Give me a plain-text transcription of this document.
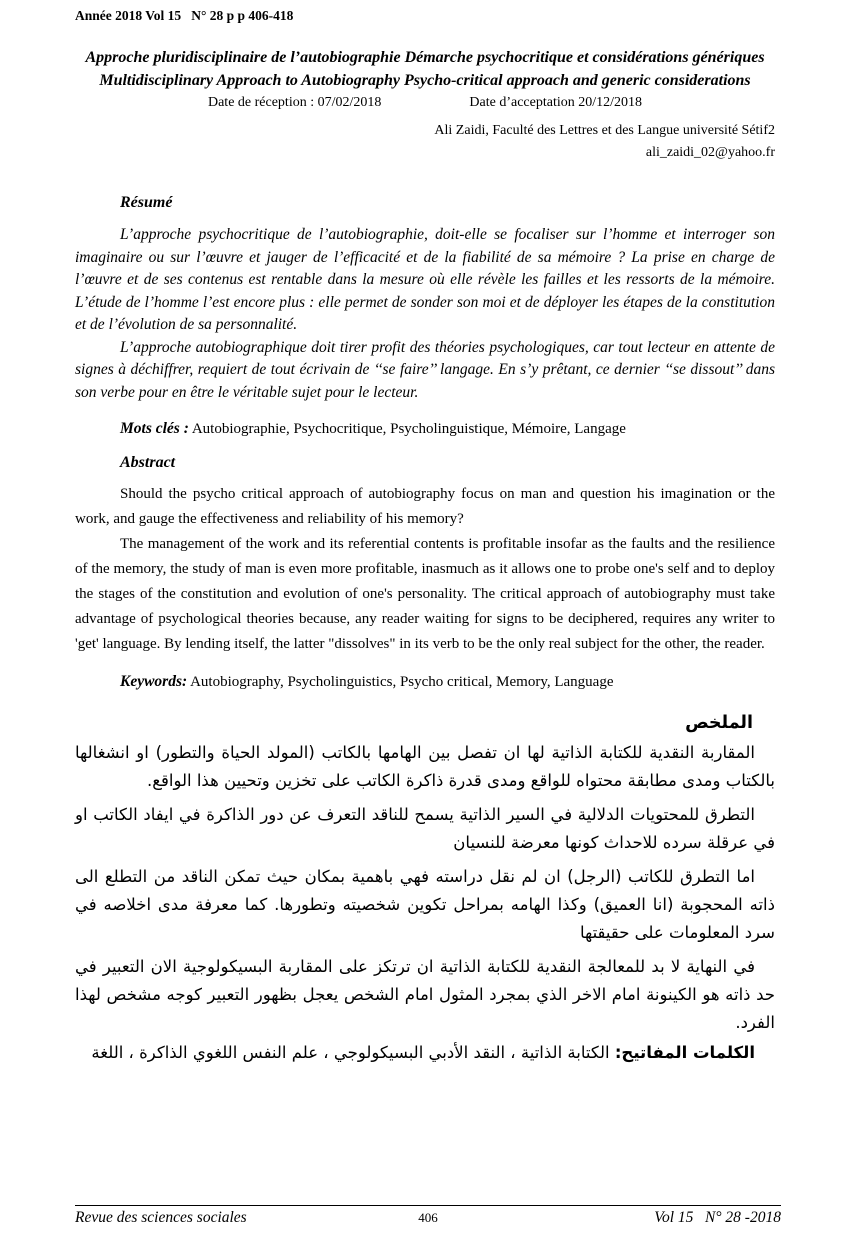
Année 2018 Vol 15   N° 28 p p 406-418
Approche pluridisciplinaire de l’autobiographie Démarche psychocritique et considérations génériques
Multidisciplinary Approach to Autobiography Psycho-critical approach and generic considerations
Date de réception : 07/02/2018	Date d’acceptation 20/12/2018
Ali Zaidi, Faculté des Lettres et des Langue université Sétif2
ali_zaidi_02@yahoo.fr
Résumé

L’approche psychocritique de l’autobiographie, doit-elle se focaliser sur l’homme et interroger son imaginaire ou sur l’œuvre et jauger de l’efficacité et de la fiabilité de sa mémoire ? La prise en charge de l’œuvre et de ses contenus est rentable dans la mesure où elle révèle les failles et les ressorts de la mémoire. L’étude de l’homme l’est encore plus : elle permet de sonder son moi et de déployer les étapes de la constitution et de l’évolution de sa personnalité.

L’approche autobiographique doit tirer profit des théories psychologiques, car tout lecteur en attente de signes à déchiffrer, requiert de tout écrivain de ‘‘se faire’’ langage. En s’y prêtant, ce dernier ‘‘se dissout’’ dans son verbe pour en être le véritable sujet pour le lecteur.

Mots clés : Autobiographie, Psychocritique, Psycholinguistique, Mémoire, Langage
Abstract

Should the psycho critical approach of autobiography focus on man and question his imagination or the work, and gauge the effectiveness and reliability of his memory?

The management of the work and its referential contents is profitable insofar as the faults and the resilience of the memory, the study of man is even more profitable, inasmuch as it allows one to probe one's self and to deploy the stages of the constitution and evolution of one's personality. The critical approach of autobiography must take advantage of psychological theories because, any reader waiting for signs to be deciphered, requires any writer to 'get' language. By lending itself, the latter "dissolves" in its verb to be the only real subject for the other, the reader.

Keywords: Autobiography, Psycholinguistics, Psycho critical, Memory, Language
الملخص

المقاربة النقدية للكتابة الذاتية لها ان تفصل بين الهامها بالكاتب (المولد الحياة والتطور) او انشغالها بالكتاب ومدى مطابقة محتواه للواقع ومدى قدرة ذاكرة الكاتب على تخزين وتحيين هذا الواقع.

التطرق للمحتويات الدلالية في السير الذاتية يسمح للناقد التعرف عن دور الذاكرة في ايفاد الكاتب او في عرقلة سرده للاحداث كونها معرضة للنسيان

اما التطرق للكاتب (الرجل) ان لم نقل دراسته فهي باهمية بمكان حيث تمكن الناقد من التطلع الى ذاته المحجوبة (انا العميق) وكذا الهامه بمراحل تكوين شخصيته وتطورها. كما معرفة مدى اخلاصه في سرد المعلومات على حقيقتها

في النهاية لا بد للمعالجة النقدية للكتابة الذاتية ان ترتكز على المقاربة البسيكولوجية الان التعبير في حد ذاته هو الكينونة امام الاخر الذي بمجرد المثول امام الشخص يعجل بظهور التعبير كوجه مشخص لهذا الفرد.

الكلمات المفاتيح: الكتابة الذاتية ، النقد الأدبي البسيكولوجي ، علم النفس اللغوي الذاكرة ، اللغة
Revue des sciences sociales	406	Vol 15   N° 28 -2018
